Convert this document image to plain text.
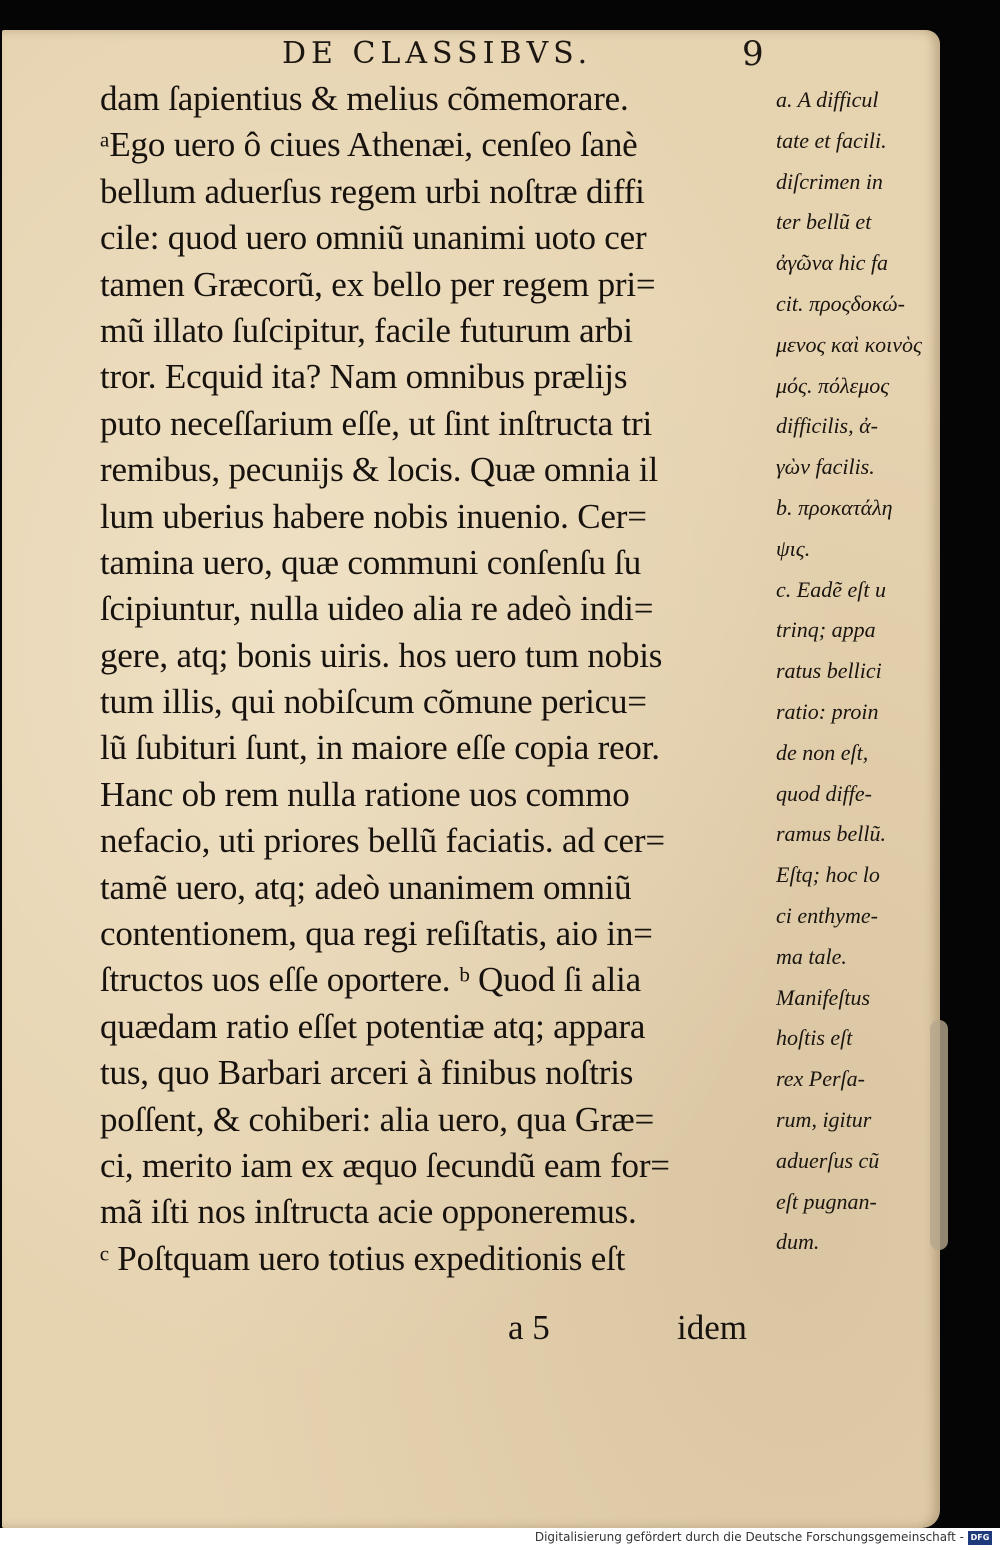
DE CLASSIBVS.	9
dam ſapientius & melius cõmemorare.
ᵃEgo uero ô ciues Athenæi, cenſeo ſanè
bellum aduerſus regem urbi noſtræ diffi
cile: quod uero omniũ unanimi uoto cer
tamen Græcorũ, ex bello per regem pri=
mũ illato ſuſcipitur, facile futurum arbi
tror. Ecquid ita? Nam omnibus prælijs
puto neceſſarium eſſe, ut ſint inſtructa tri
remibus, pecunijs & locis. Quæ omnia il
lum uberius habere nobis inuenio. Cer=
tamina uero, quæ communi conſenſu ſu
ſcipiuntur, nulla uideo alia re adeò indi=
gere, atq; bonis uiris. hos uero tum nobis
tum illis, qui nobiſcum cõmune pericu=
lũ ſubituri ſunt, in maiore eſſe copia reor.
Hanc ob rem nulla ratione uos commo
nefacio, uti priores bellũ faciatis. ad cer=
tamẽ uero, atq; adeò unanimem omniũ
contentionem, qua regi reſiſtatis, aio in=
ſtructos uos eſſe oportere. ᵇ Quod ſi alia
quædam ratio eſſet potentiæ atq; appara
tus, quo Barbari arceri à finibus noſtris
poſſent, & cohiberi: alia uero, qua Græ=
ci, merito iam ex æquo ſecundũ eam for=
mã iſti nos inſtructa acie opponeremus.
ᶜ Poſtquam uero totius expeditionis eſt
a. A difficul
tate et facili.
diſcrimen in
ter bellũ et
ἀγῶνα hic fa
cit. προςδοκώ-
μενος καὶ κοινὸς
μός. πόλεμος
difficilis, ἀ-
γὼν facilis.
b. προκατάλη
ψις.
c. Eadẽ eſt u
trinq; appa
ratus bellici
ratio: proin
de non eſt,
quod diffe-
ramus bellũ.
Eſtq; hoc lo
ci enthyme-
ma tale.
Manifeſtus
hoſtis eſt
rex Perſa-
rum, igitur
aduerſus cũ
eſt pugnan-
dum.
a 5	idem
Digitalisierung gefördert durch die Deutsche Forschungsgemeinschaft - DFG
